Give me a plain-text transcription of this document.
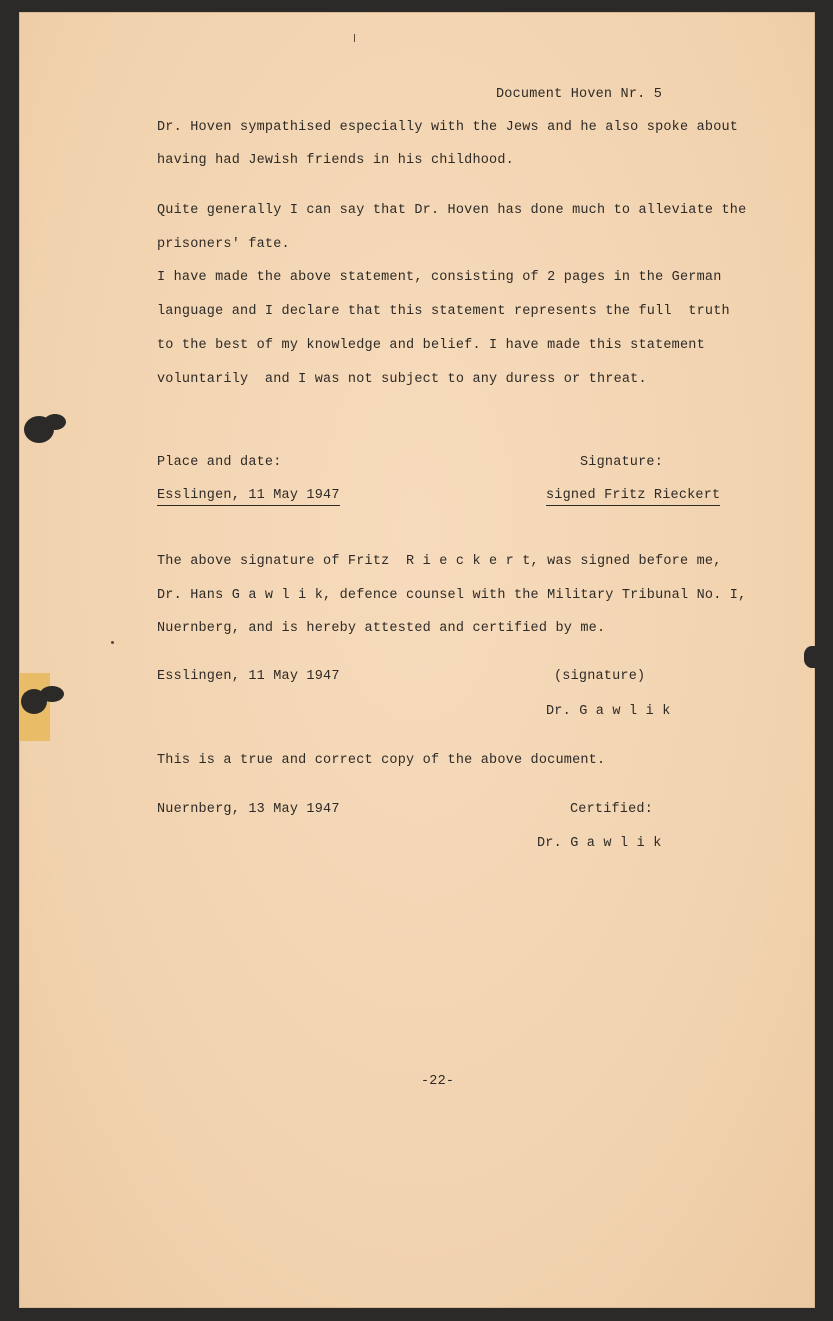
Document Hoven Nr. 5
Dr. Hoven sympathised especially with the Jews and he also spoke about
having had Jewish friends in his childhood.
Quite generally I can say that Dr. Hoven has done much to alleviate the
prisoners' fate.
I have made the above statement, consisting of 2 pages in the German
language and I declare that this statement represents the full  truth
to the best of my knowledge and belief. I have made this statement
voluntarily  and I was not subject to any duress or threat.
Place and date:	Signature:
Esslingen, 11 May 1947	signed Fritz Rieckert
The above signature of Fritz  R i e c k e r t, was signed before me,
Dr. Hans G a w l i k, defence counsel with the Military Tribunal No. I,
Nuernberg, and is hereby attested and certified by me.
Esslingen, 11 May 1947	(signature)
Dr. G a w l i k
This is a true and correct copy of the above document.
Nuernberg, 13 May 1947	Certified:
Dr. G a w l i k
-22-
